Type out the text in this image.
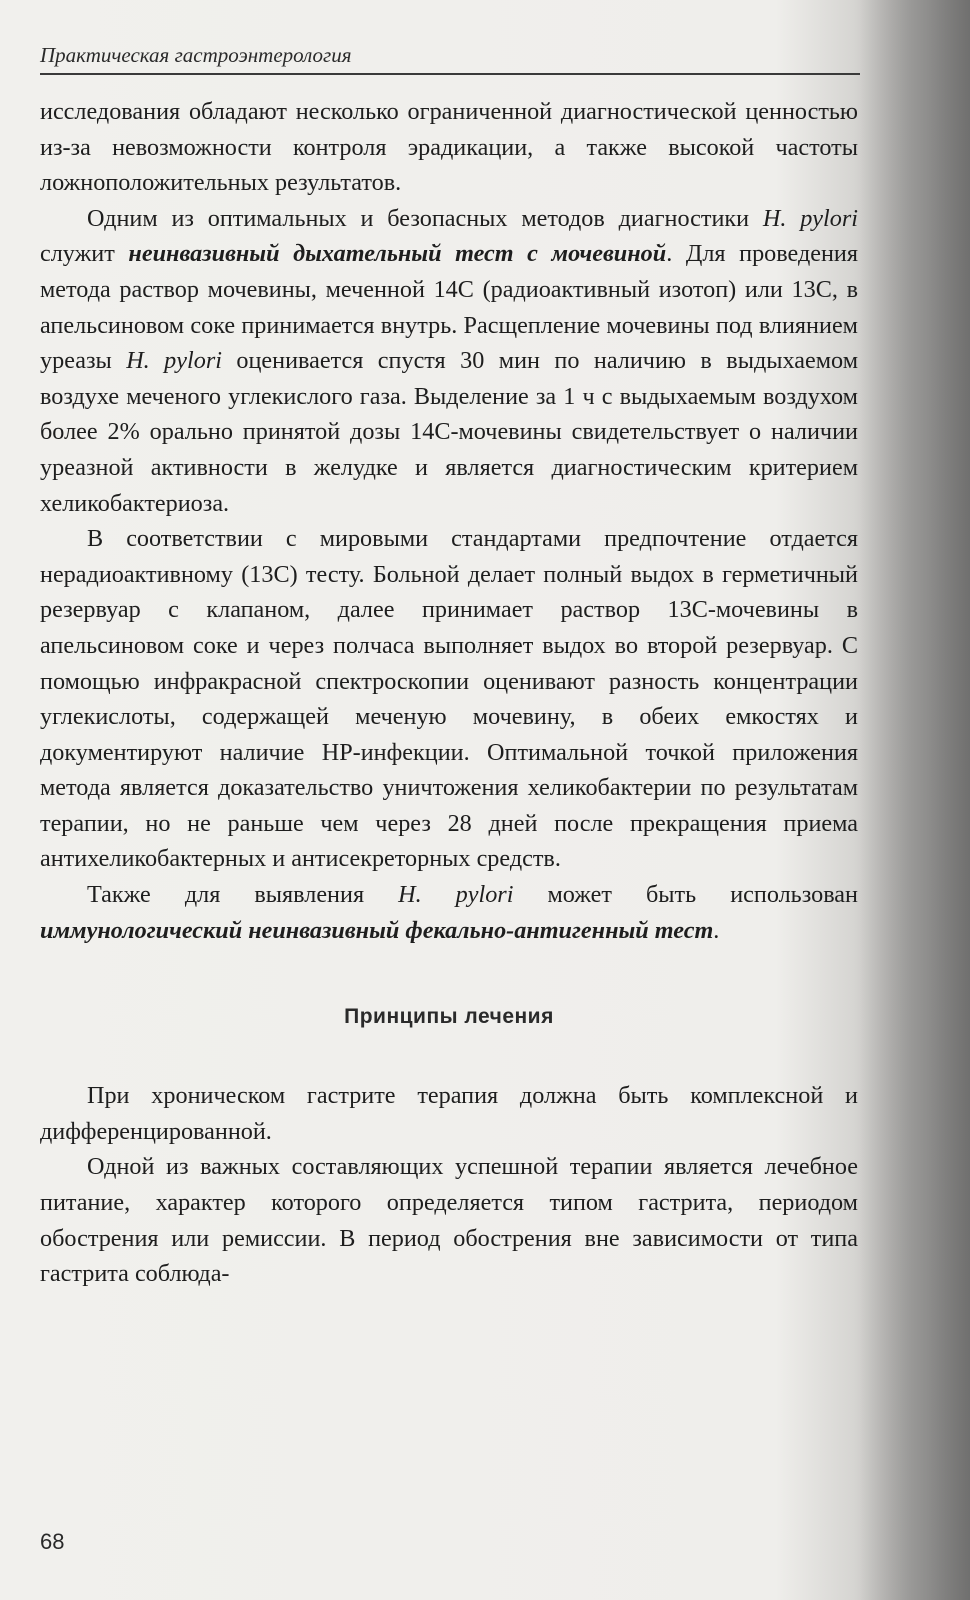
Практическая гастроэнтерология

исследования обладают несколько ограниченной диагностической ценностью из-за невозможности контроля эрадикации, а также высокой частоты ложноположительных результатов.

Одним из оптимальных и безопасных методов диагностики H. pylori служит неинвазивный дыхательный тест с мочевиной. Для проведения метода раствор мочевины, меченной 14С (радиоактивный изотоп) или 13С, в апельсиновом соке принимается внутрь. Расщепление мочевины под влиянием уреазы H. pylori оценивается спустя 30 мин по наличию в выдыхаемом воздухе меченого углекислого газа. Выделение за 1 ч с выдыхаемым воздухом более 2% орально принятой дозы 14С-мочевины свидетельствует о наличии уреазной активности в желудке и является диагностическим критерием хеликобактериоза.

В соответствии с мировыми стандартами предпочтение отдается нерадиоактивному (13С) тесту. Больной делает полный выдох в герметичный резервуар с клапаном, далее принимает раствор 13С-мочевины в апельсиновом соке и через полчаса выполняет выдох во второй резервуар. С помощью инфракрасной спектроскопии оценивают разность концентрации углекислоты, содержащей меченую мочевину, в обеих емкостях и документируют наличие НР-инфекции. Оптимальной точкой приложения метода является доказательство уничтожения хеликобактерии по результатам терапии, но не раньше чем через 28 дней после прекращения приема антихеликобактерных и антисекреторных средств.

Также для выявления H. pylori может быть использован иммунологический неинвазивный фекально-антигенный тест.

Принципы лечения

При хроническом гастрите терапия должна быть комплексной и дифференцированной.

Одной из важных составляющих успешной терапии является лечебное питание, характер которого определяется типом гастрита, периодом обострения или ремиссии. В период обострения вне зависимости от типа гастрита соблюда-

68
